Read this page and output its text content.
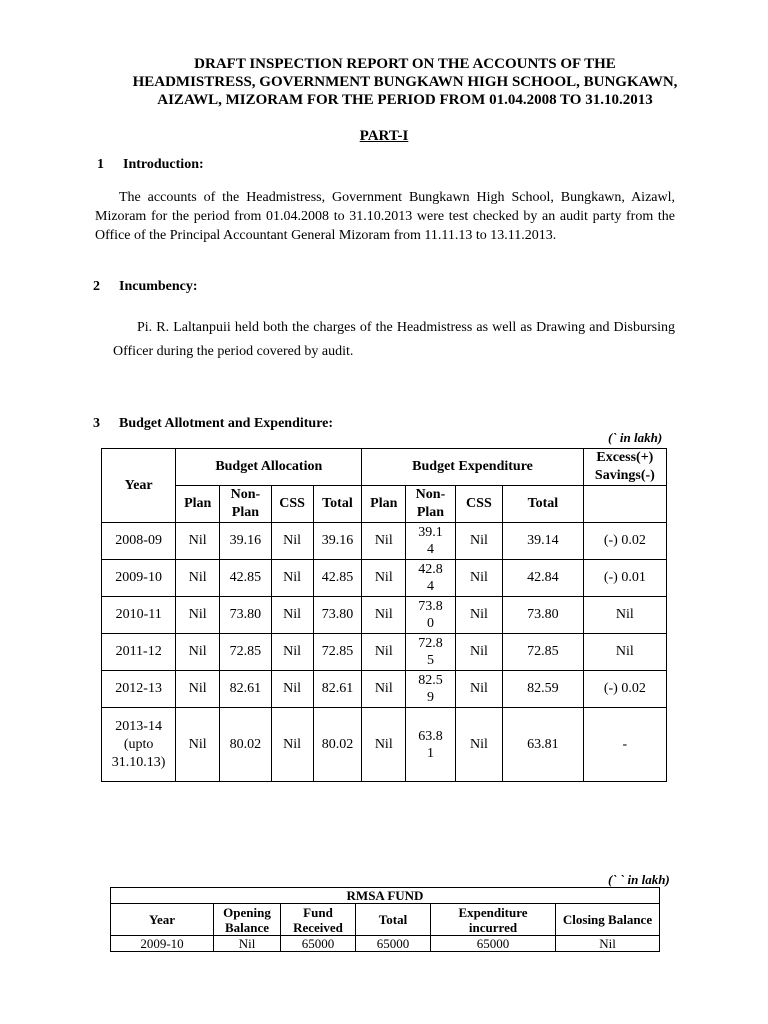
DRAFT INSPECTION REPORT ON THE ACCOUNTS OF THE
HEADMISTRESS, GOVERNMENT BUNGKAWN HIGH SCHOOL, BUNGKAWN,
AIZAWL, MIZORAM FOR THE PERIOD FROM 01.04.2008 TO 31.10.2013
PART-I
1 Introduction:
The accounts of the Headmistress, Government Bungkawn High School, Bungkawn, Aizawl, Mizoram for the period from 01.04.2008 to 31.10.2013 were test checked by an audit party from the Office of the Principal Accountant General Mizoram from 11.11.13 to 13.11.2013.
2 Incumbency:
Pi. R. Laltanpuii held both the charges of the Headmistress as well as Drawing and Disbursing Officer during the period covered by audit.
3 Budget Allotment and Expenditure:
(` in lakh)
Year	Budget Allocation				Budget Expenditure				Excess(+) Savings(-)
	Plan	Non-Plan	CSS	Total	Plan	Non-Plan	CSS	Total	
2008-09	Nil	39.16	Nil	39.16	Nil	39.14	Nil	39.14	(-) 0.02
2009-10	Nil	42.85	Nil	42.85	Nil	42.84	Nil	42.84	(-) 0.01
2010-11	Nil	73.80	Nil	73.80	Nil	73.80	Nil	73.80	Nil
2011-12	Nil	72.85	Nil	72.85	Nil	72.85	Nil	72.85	Nil
2012-13	Nil	82.61	Nil	82.61	Nil	82.59	Nil	82.59	(-) 0.02

2013-14 (upto 31.10.13)	Nil	80.02	Nil	80.02	Nil	63.81	Nil	63.81	-
(` ` in lakh)
RMSA FUND					
Year	Opening Balance	Fund Received	Total	Expenditure incurred	Closing Balance
2009-10	Nil	65000	65000	65000	Nil
